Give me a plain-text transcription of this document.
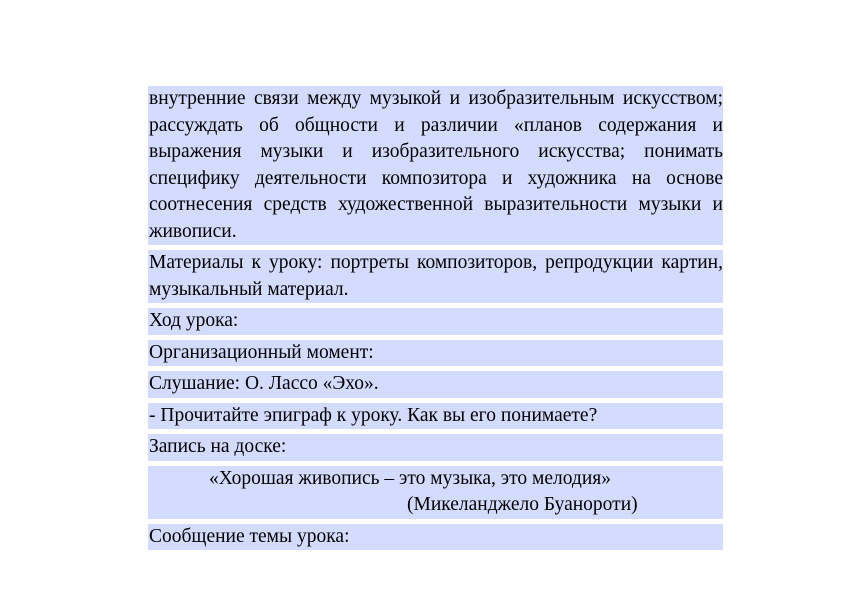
внутренние связи между музыкой и изобразительным искусством; рассуждать об общности и различии «планов содержания и выражения музыки и изобразительного искусства; понимать специфику деятельности композитора и художника на основе соотнесения средств художественной выразительности музыки и живописи.

Материалы к уроку: портреты композиторов, репродукции картин, музыкальный материал.

Ход урока:

Организационный момент:

Слушание: О. Лассо «Эхо».

- Прочитайте эпиграф к уроку. Как вы его понимаете?

Запись на доске:

«Хорошая живопись – это музыка, это мелодия»

(Микеланджело Буанороти)

Сообщение темы урока:
